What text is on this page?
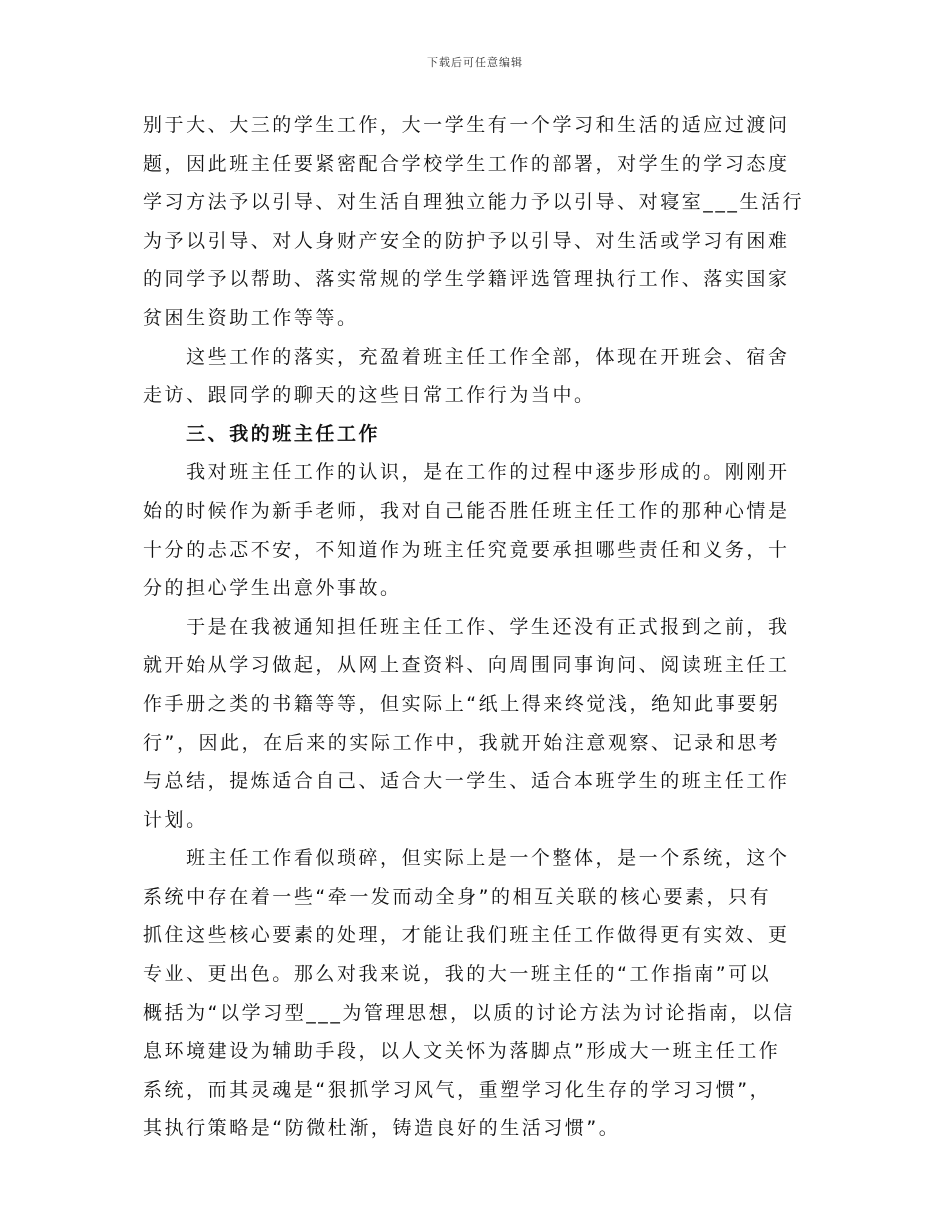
下载后可任意编辑
别于大、大三的学生工作，大一学生有一个学习和生活的适应过渡问
题，因此班主任要紧密配合学校学生工作的部署，对学生的学习态度
学习方法予以引导、对生活自理独立能力予以引导、对寝室___生活行
为予以引导、对人身财产安全的防护予以引导、对生活或学习有困难
的同学予以帮助、落实常规的学生学籍评选管理执行工作、落实国家
贫困生资助工作等等。
　　这些工作的落实，充盈着班主任工作全部，体现在开班会、宿舍
走访、跟同学的聊天的这些日常工作行为当中。
　　三、我的班主任工作
　　我对班主任工作的认识，是在工作的过程中逐步形成的。刚刚开
始的时候作为新手老师，我对自己能否胜任班主任工作的那种心情是
十分的忐忑不安，不知道作为班主任究竟要承担哪些责任和义务，十
分的担心学生出意外事故。
　　于是在我被通知担任班主任工作、学生还没有正式报到之前，我
就开始从学习做起，从网上查资料、向周围同事询问、阅读班主任工
作手册之类的书籍等等，但实际上“纸上得来终觉浅，绝知此事要躬
行”，因此，在后来的实际工作中，我就开始注意观察、记录和思考
与总结，提炼适合自己、适合大一学生、适合本班学生的班主任工作
计划。
　　班主任工作看似琐碎，但实际上是一个整体，是一个系统，这个
系统中存在着一些“牵一发而动全身”的相互关联的核心要素，只有
抓住这些核心要素的处理，才能让我们班主任工作做得更有实效、更
专业、更出色。那么对我来说，我的大一班主任的“工作指南”可以
概括为“以学习型___为管理思想，以质的讨论方法为讨论指南，以信
息环境建设为辅助手段，以人文关怀为落脚点”形成大一班主任工作
系统，而其灵魂是“狠抓学习风气，重塑学习化生存的学习习惯”，
其执行策略是“防微杜渐，铸造良好的生活习惯”。
